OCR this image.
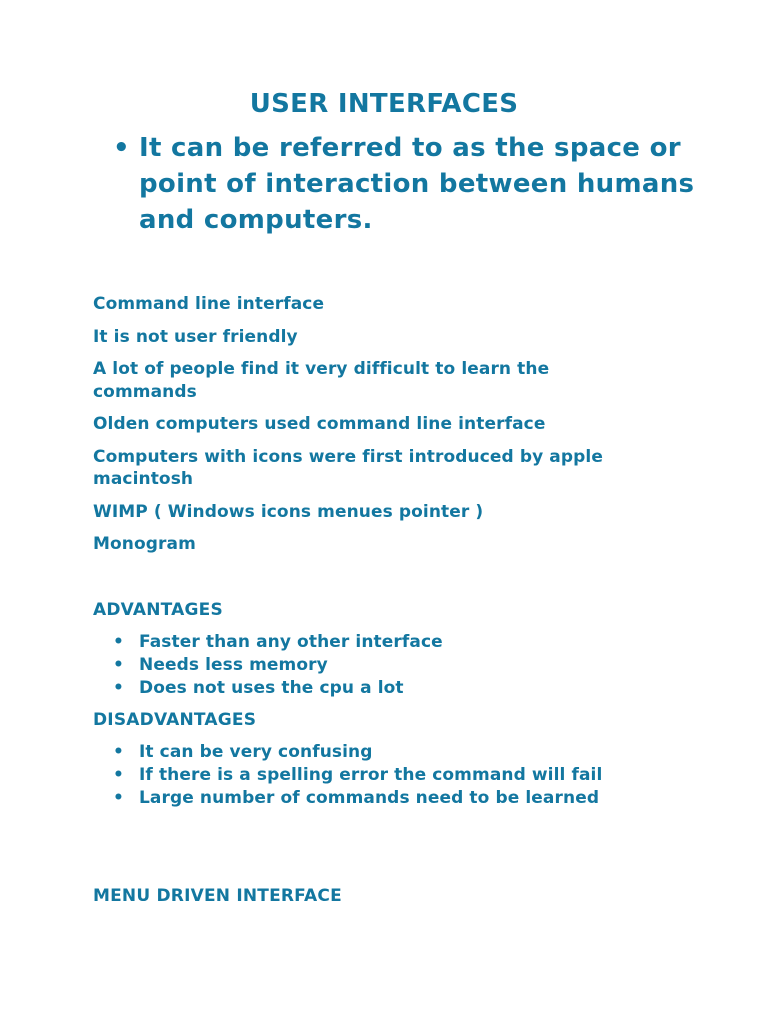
USER INTERFACES
• It can be referred to as the space or point of interaction between humans and computers.

Command line interface

It is not user friendly

A lot of people find it very difficult to learn the commands

Olden computers used command line interface

Computers with icons were first introduced by apple macintosh

WIMP ( Windows icons menues pointer )

Monogram

ADVANTAGES
• Faster than any other interface
• Needs less memory
• Does not uses the cpu a lot
DISADVANTAGES
• It can be very confusing
• If there is a spelling error the command will fail
• Large number of commands need to be learned
MENU DRIVEN INTERFACE
